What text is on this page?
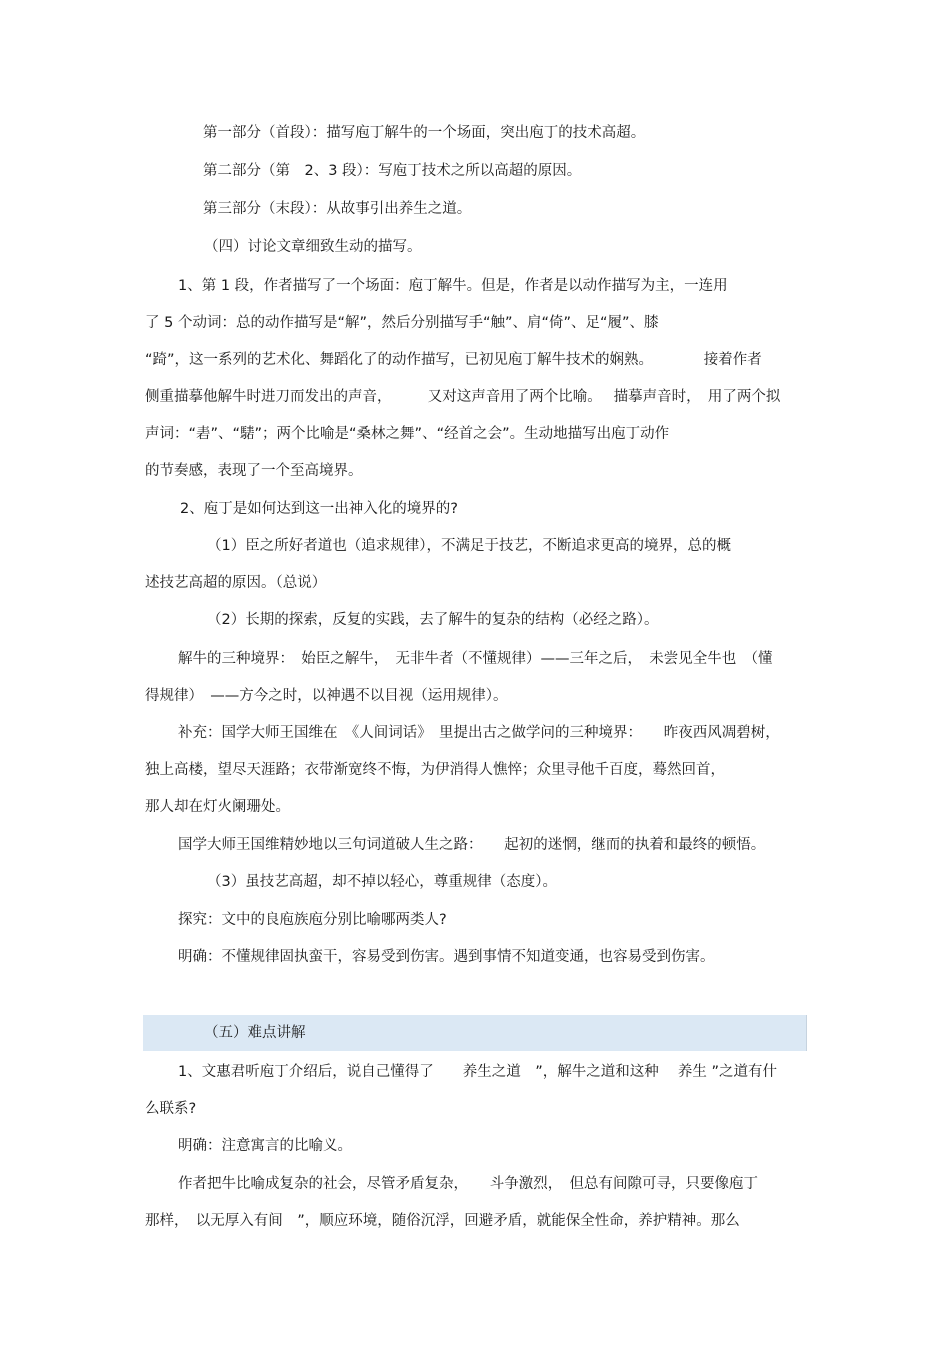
第一部分（首段）：描写庖丁解牛的一个场面，突出庖丁的技术高超。

第二部分（第　2、3 段）：写庖丁技术之所以高超的原因。

第三部分（末段）：从故事引出养生之道。

（四）讨论文章细致生动的描写。

1、第 1 段，作者描写了一个场面：庖丁解牛。但是，作者是以动作描写为主，一连用

了 5 个动词：总的动作描写是“解”，然后分别描写手“触”、肩“倚”、足“履”、膝

“踦”，这一系列的艺术化、舞蹈化了的动作描写，已初见庖丁解牛技术的娴熟。　　　　接着作者

侧重描摹他解牛时进刀而发出的声音，　　　又对这声音用了两个比喻。　 描摹声音时，　用了两个拟

声词：“砉”、“騞”；两个比喻是“桑林之舞”、“经首之会”。生动地描写出庖丁动作

的节奏感，表现了一个至高境界。

2、庖丁是如何达到这一出神入化的境界的?

（1）臣之所好者道也（追求规律），不满足于技艺，不断追求更高的境界，总的概

述技艺高超的原因。（总说）

（2）长期的探索，反复的实践，去了解牛的复杂的结构（必经之路）。

解牛的三种境界：　始臣之解牛，　无非牛者（不懂规律）——三年之后，　未尝见全牛也　（懂

得规律）　——方今之时，以神遇不以目视（运用规律）。

补充：国学大师王国维在　《人间词话》　里提出古之做学问的三种境界：　　昨夜西风凋碧树，

独上高楼，望尽天涯路；衣带渐宽终不悔，为伊消得人憔悴；众里寻他千百度，蓦然回首，

那人却在灯火阑珊处。

国学大师王国维精妙地以三句词道破人生之路：　　起初的迷惘，继而的执着和最终的顿悟。

（3）虽技艺高超，却不掉以轻心，尊重规律（态度）。

探究：文中的良庖族庖分别比喻哪两类人?

明确：不懂规律固执蛮干，容易受到伤害。遇到事情不知道变通，也容易受到伤害。

（五）难点讲解

1、文惠君听庖丁介绍后，说自己懂得了　　养生之道　”，解牛之道和这种　 养生 ”之道有什

么联系?

明确：注意寓言的比喻义。

作者把牛比喻成复杂的社会，尽管矛盾复杂，　　斗争激烈，　但总有间隙可寻，只要像庖丁

那样，　以无厚入有间　”，顺应环境，随俗沉浮，回避矛盾，就能保全性命，养护精神。那么
